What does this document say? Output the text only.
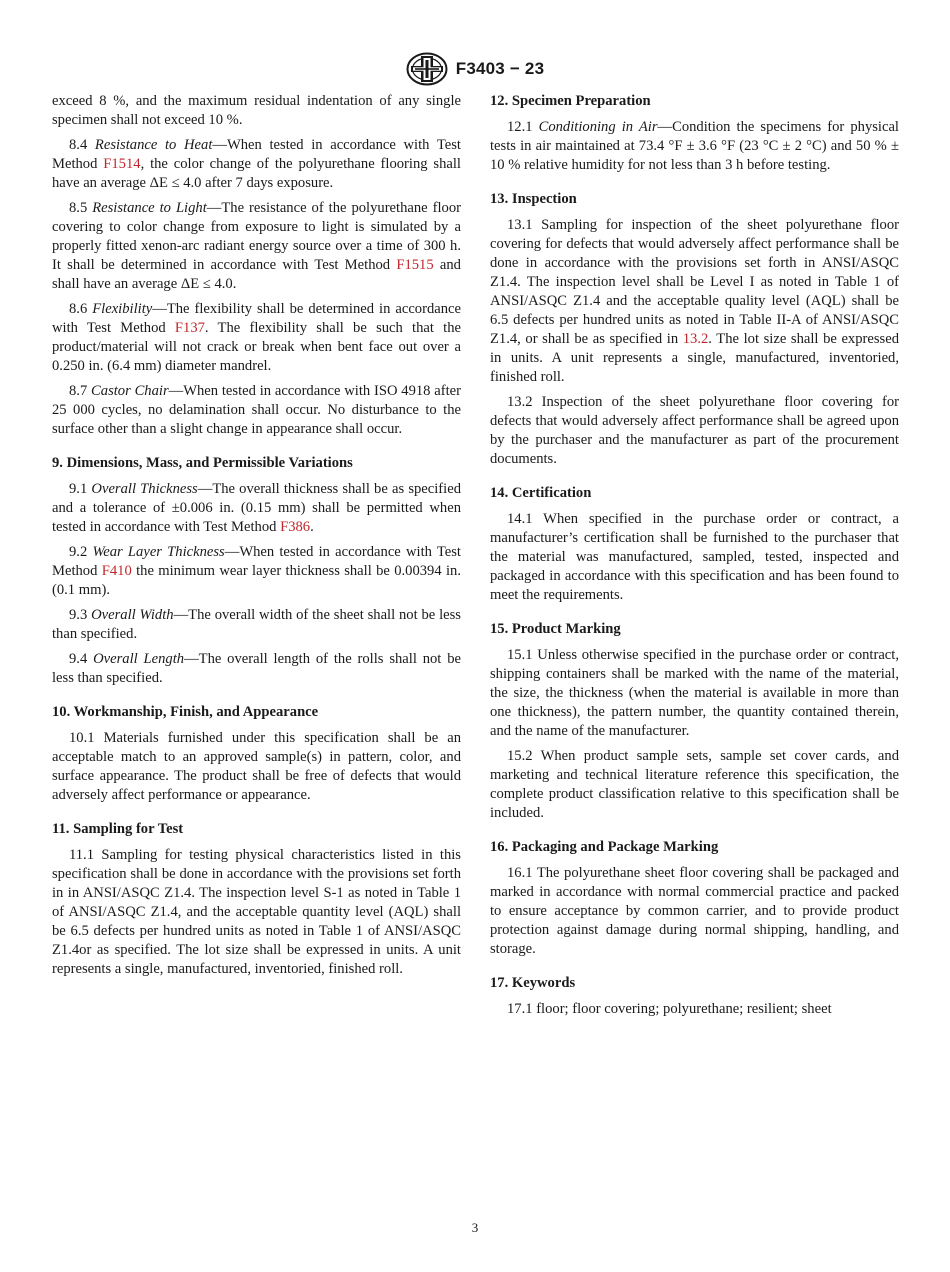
F3403 − 23

exceed 8 %, and the maximum residual indentation of any single specimen shall not exceed 10 %.

8.4 Resistance to Heat—When tested in accordance with Test Method F1514, the color change of the polyurethane flooring shall have an average ΔE ≤ 4.0 after 7 days exposure.

8.5 Resistance to Light—The resistance of the polyurethane floor covering to color change from exposure to light is simulated by a properly fitted xenon-arc radiant energy source over a time of 300 h. It shall be determined in accordance with Test Method F1515 and shall have an average ΔE ≤ 4.0.

8.6 Flexibility—The flexibility shall be determined in accordance with Test Method F137. The flexibility shall be such that the product/material will not crack or break when bent face out over a 0.250 in. (6.4 mm) diameter mandrel.

8.7 Castor Chair—When tested in accordance with ISO 4918 after 25 000 cycles, no delamination shall occur. No disturbance to the surface other than a slight change in appearance shall occur.

9. Dimensions, Mass, and Permissible Variations

9.1 Overall Thickness—The overall thickness shall be as specified and a tolerance of ±0.006 in. (0.15 mm) shall be permitted when tested in accordance with Test Method F386.

9.2 Wear Layer Thickness—When tested in accordance with Test Method F410 the minimum wear layer thickness shall be 0.00394 in. (0.1 mm).

9.3 Overall Width—The overall width of the sheet shall not be less than specified.

9.4 Overall Length—The overall length of the rolls shall not be less than specified.

10. Workmanship, Finish, and Appearance

10.1 Materials furnished under this specification shall be an acceptable match to an approved sample(s) in pattern, color, and surface appearance. The product shall be free of defects that would adversely affect performance or appearance.

11. Sampling for Test

11.1 Sampling for testing physical characteristics listed in this specification shall be done in accordance with the provisions set forth in in ANSI/ASQC Z1.4. The inspection level S-1 as noted in Table 1 of ANSI/ASQC Z1.4, and the acceptable quantity level (AQL) shall be 6.5 defects per hundred units as noted in Table 1 of ANSI/ASQC Z1.4or as specified. The lot size shall be expressed in units. A unit represents a single, manufactured, inventoried, finished roll.

12. Specimen Preparation

12.1 Conditioning in Air—Condition the specimens for physical tests in air maintained at 73.4 °F ± 3.6 °F (23 °C ± 2 °C) and 50 % ± 10 % relative humidity for not less than 3 h before testing.

13. Inspection

13.1 Sampling for inspection of the sheet polyurethane floor covering for defects that would adversely affect performance shall be done in accordance with the provisions set forth in ANSI/ASQC Z1.4. The inspection level shall be Level I as noted in Table 1 of ANSI/ASQC Z1.4 and the acceptable quality level (AQL) shall be 6.5 defects per hundred units as noted in Table II-A of ANSI/ASQC Z1.4, or shall be as specified in 13.2. The lot size shall be expressed in units. A unit represents a single, manufactured, inventoried, finished roll.

13.2 Inspection of the sheet polyurethane floor covering for defects that would adversely affect performance shall be agreed upon by the purchaser and the manufacturer as part of the procurement documents.

14. Certification

14.1 When specified in the purchase order or contract, a manufacturer’s certification shall be furnished to the purchaser that the material was manufactured, sampled, tested, inspected and packaged in accordance with this specification and has been found to meet the requirements.

15. Product Marking

15.1 Unless otherwise specified in the purchase order or contract, shipping containers shall be marked with the name of the material, the size, the thickness (when the material is available in more than one thickness), the pattern number, the quantity contained therein, and the name of the manufacturer.

15.2 When product sample sets, sample set cover cards, and marketing and technical literature reference this specification, the complete product classification relative to this specification shall be included.

16. Packaging and Package Marking

16.1 The polyurethane sheet floor covering shall be packaged and marked in accordance with normal commercial practice and packed to ensure acceptance by common carrier, and to provide product protection against damage during normal shipping, handling, and storage.

17. Keywords

17.1 floor; floor covering; polyurethane; resilient; sheet

3
